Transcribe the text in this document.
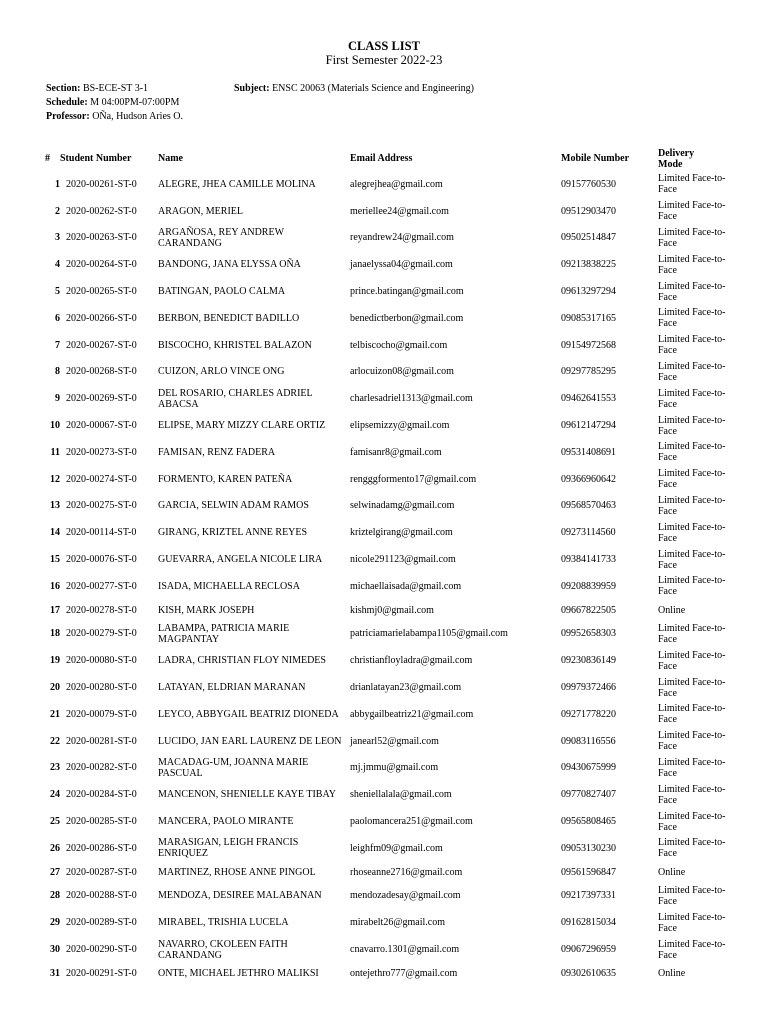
CLASS LIST
First Semester 2022-23
Section: BS-ECE-ST 3-1	Subject: ENSC 20063 (Materials Science and Engineering)
Schedule: M 04:00PM-07:00PM
Professor: OÑa, Hudson Aries O.
# Student Number	Name	Email Address	Mobile Number	Delivery Mode
1	2020-00261-ST-0	ALEGRE, JHEA CAMILLE MOLINA	alegrejhea@gmail.com	09157760530	Limited Face-to-Face
2	2020-00262-ST-0	ARAGON, MERIEL	meriellee24@gmail.com	09512903470	Limited Face-to-Face
3	2020-00263-ST-0	ARGAÑOSA, REY ANDREW CARANDANG	reyandrew24@gmail.com	09502514847	Limited Face-to-Face
4	2020-00264-ST-0	BANDONG, JANA ELYSSA OÑA	janaelyssa04@gmail.com	09213838225	Limited Face-to-Face
5	2020-00265-ST-0	BATINGAN, PAOLO CALMA	prince.batingan@gmail.com	09613297294	Limited Face-to-Face
6	2020-00266-ST-0	BERBON, BENEDICT BADILLO	benedictberbon@gmail.com	09085317165	Limited Face-to-Face
7	2020-00267-ST-0	BISCOCHO, KHRISTEL BALAZON	telbiscocho@gmail.com	09154972568	Limited Face-to-Face
8	2020-00268-ST-0	CUIZON, ARLO VINCE ONG	arlocuizon08@gmail.com	09297785295	Limited Face-to-Face
9	2020-00269-ST-0	DEL ROSARIO, CHARLES ADRIEL ABACSA	charlesadriel1313@gmail.com	09462641553	Limited Face-to-Face
10	2020-00067-ST-0	ELIPSE, MARY MIZZY CLARE ORTIZ	elipsemizzy@gmail.com	09612147294	Limited Face-to-Face
11	2020-00273-ST-0	FAMISAN, RENZ FADERA	famisanr8@gmail.com	09531408691	Limited Face-to-Face
12	2020-00274-ST-0	FORMENTO, KAREN PATEÑA	rengggformento17@gmail.com	09366960642	Limited Face-to-Face
13	2020-00275-ST-0	GARCIA, SELWIN ADAM RAMOS	selwinadamg@gmail.com	09568570463	Limited Face-to-Face
14	2020-00114-ST-0	GIRANG, KRIZTEL ANNE REYES	kriztelgirang@gmail.com	09273114560	Limited Face-to-Face
15	2020-00076-ST-0	GUEVARRA, ANGELA NICOLE LIRA	nicole291123@gmail.com	09384141733	Limited Face-to-Face
16	2020-00277-ST-0	ISADA, MICHAELLA RECLOSA	michaellaisada@gmail.com	09208839959	Limited Face-to-Face
17	2020-00278-ST-0	KISH, MARK JOSEPH	kishmj0@gmail.com	09667822505	Online
18	2020-00279-ST-0	LABAMPA, PATRICIA MARIE MAGPANTAY	patriciamarielabampa1105@gmail.com	09952658303	Limited Face-to-Face
19	2020-00080-ST-0	LADRA, CHRISTIAN FLOY NIMEDES	christianfloyladra@gmail.com	09230836149	Limited Face-to-Face
20	2020-00280-ST-0	LATAYAN, ELDRIAN MARANAN	drianlatayan23@gmail.com	09979372466	Limited Face-to-Face
21	2020-00079-ST-0	LEYCO, ABBYGAIL BEATRIZ DIONEDA	abbygailbeatriz21@gmail.com	09271778220	Limited Face-to-Face
22	2020-00281-ST-0	LUCIDO, JAN EARL LAURENZ DE LEON	janearl52@gmail.com	09083116556	Limited Face-to-Face
23	2020-00282-ST-0	MACADAG-UM, JOANNA MARIE PASCUAL	mj.jmmu@gmail.com	09430675999	Limited Face-to-Face
24	2020-00284-ST-0	MANCENON, SHENIELLE KAYE TIBAY	sheniellalala@gmail.com	09770827407	Limited Face-to-Face
25	2020-00285-ST-0	MANCERA, PAOLO MIRANTE	paolomancera251@gmail.com	09565808465	Limited Face-to-Face
26	2020-00286-ST-0	MARASIGAN, LEIGH FRANCIS ENRIQUEZ	leighfm09@gmail.com	09053130230	Limited Face-to-Face
27	2020-00287-ST-0	MARTINEZ, RHOSE ANNE PINGOL	rhoseanne2716@gmail.com	09561596847	Online
28	2020-00288-ST-0	MENDOZA, DESIREE MALABANAN	mendozadesay@gmail.com	09217397331	Limited Face-to-Face
29	2020-00289-ST-0	MIRABEL, TRISHIA LUCELA	mirabelt26@gmail.com	09162815034	Limited Face-to-Face
30	2020-00290-ST-0	NAVARRO, CKOLEEN FAITH CARANDANG	cnavarro.1301@gmail.com	09067296959	Limited Face-to-Face
31	2020-00291-ST-0	ONTE, MICHAEL JETHRO MALIKSI	ontejethro777@gmail.com	09302610635	Online
